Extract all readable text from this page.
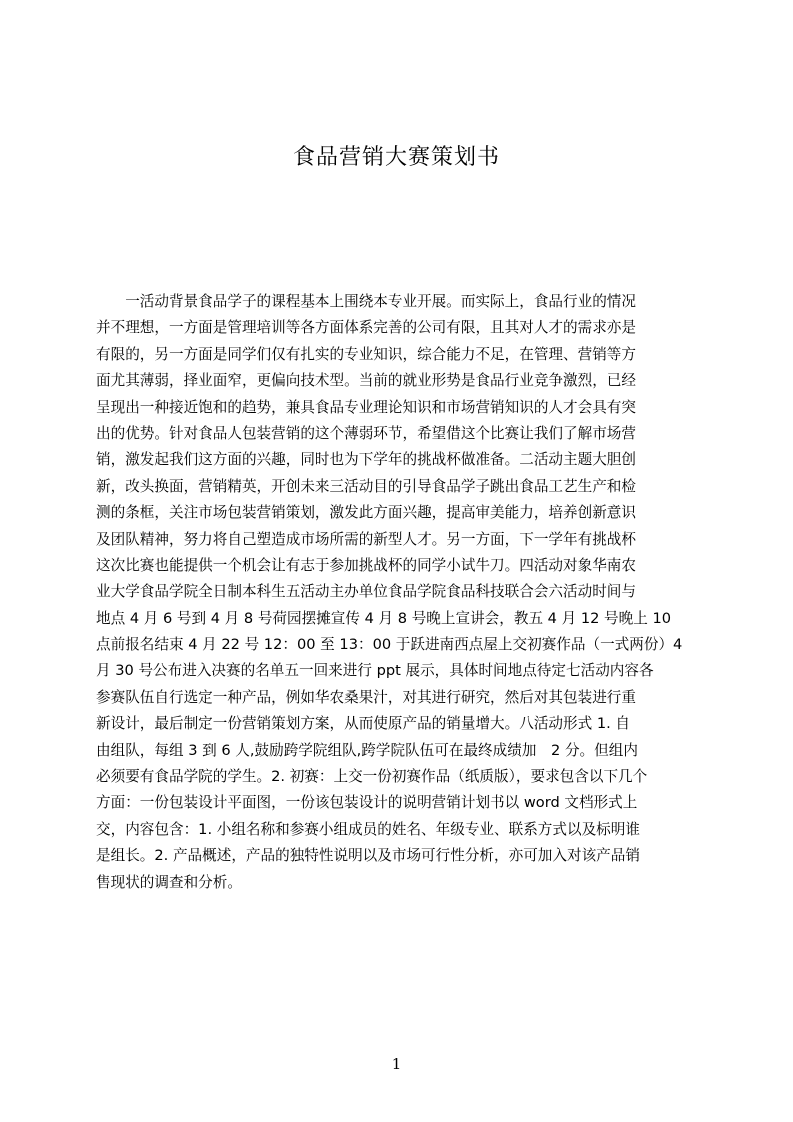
食品营销大赛策划书
　　一活动背景食品学子的课程基本上围绕本专业开展。而实际上，食品行业的情况
并不理想，一方面是管理培训等各方面体系完善的公司有限，且其对人才的需求亦是
有限的，另一方面是同学们仅有扎实的专业知识，综合能力不足，在管理、营销等方
面尤其薄弱，择业面窄，更偏向技术型。当前的就业形势是食品行业竞争激烈，已经
呈现出一种接近饱和的趋势，兼具食品专业理论知识和市场营销知识的人才会具有突
出的优势。针对食品人包装营销的这个薄弱环节，希望借这个比赛让我们了解市场营
销，激发起我们这方面的兴趣，同时也为下学年的挑战杯做准备。二活动主题大胆创
新，改头换面，营销精英，开创未来三活动目的引导食品学子跳出食品工艺生产和检
测的条框，关注市场包装营销策划，激发此方面兴趣，提高审美能力，培养创新意识
及团队精神，努力将自己塑造成市场所需的新型人才。另一方面，下一学年有挑战杯
这次比赛也能提供一个机会让有志于参加挑战杯的同学小试牛刀。四活动对象华南农
业大学食品学院全日制本科生五活动主办单位食品学院食品科技联合会六活动时间与
地点 4 月 6 号到 4 月 8 号荷园摆摊宣传 4 月 8 号晚上宣讲会，教五 4 月 12 号晚上 10
点前报名结束 4 月 22 号 12：00 至 13：00 于跃进南西点屋上交初赛作品（一式两份）4
月 30 号公布进入决赛的名单五一回来进行 ppt 展示，具体时间地点待定七活动内容各
参赛队伍自行选定一种产品，例如华农桑果汁，对其进行研究，然后对其包装进行重
新设计，最后制定一份营销策划方案，从而使原产品的销量增大。八活动形式 1. 自
由组队，每组 3 到 6 人,鼓励跨学院组队,跨学院队伍可在最终成绩加　2 分。但组内
必须要有食品学院的学生。2. 初赛：上交一份初赛作品（纸质版），要求包含以下几个
方面：一份包装设计平面图，一份该包装设计的说明营销计划书以 word 文档形式上
交，内容包含：1. 小组名称和参赛小组成员的姓名、年级专业、联系方式以及标明谁
是组长。2. 产品概述，产品的独特性说明以及市场可行性分析，亦可加入对该产品销
售现状的调查和分析。
1
